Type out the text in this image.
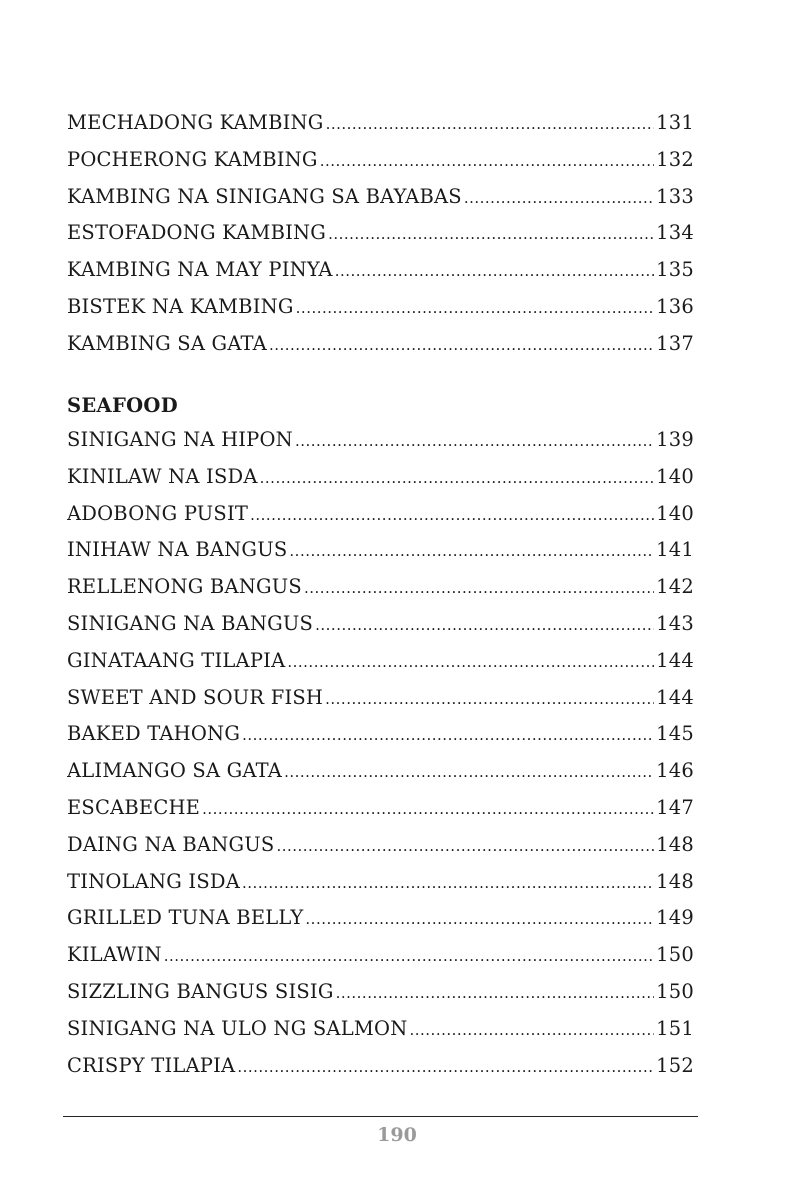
MECHADONG KAMBING .....	131
POCHERONG KAMBING .....	132
KAMBING NA SINIGANG SA BAYABAS .....	133
ESTOFADONG KAMBING .....	134
KAMBING NA MAY PINYA .....	135
BISTEK NA KAMBING .....	136
KAMBING SA GATA .....	137
SEAFOOD
SINIGANG NA HIPON .....	139
KINILAW NA ISDA .....	140
ADOBONG PUSIT .....	140
INIHAW NA BANGUS .....	141
RELLENONG BANGUS .....	142
SINIGANG NA BANGUS .....	143
GINATAANG TILAPIA .....	144
SWEET AND SOUR FISH .....	144
BAKED TAHONG .....	145
ALIMANGO SA GATA .....	146
ESCABECHE .....	147
DAING NA BANGUS .....	148
TINOLANG ISDA .....	148
GRILLED TUNA BELLY .....	149
KILAWIN .....	150
SIZZLING BANGUS SISIG .....	150
SINIGANG NA ULO NG SALMON .....	151
CRISPY TILAPIA .....	152
190
